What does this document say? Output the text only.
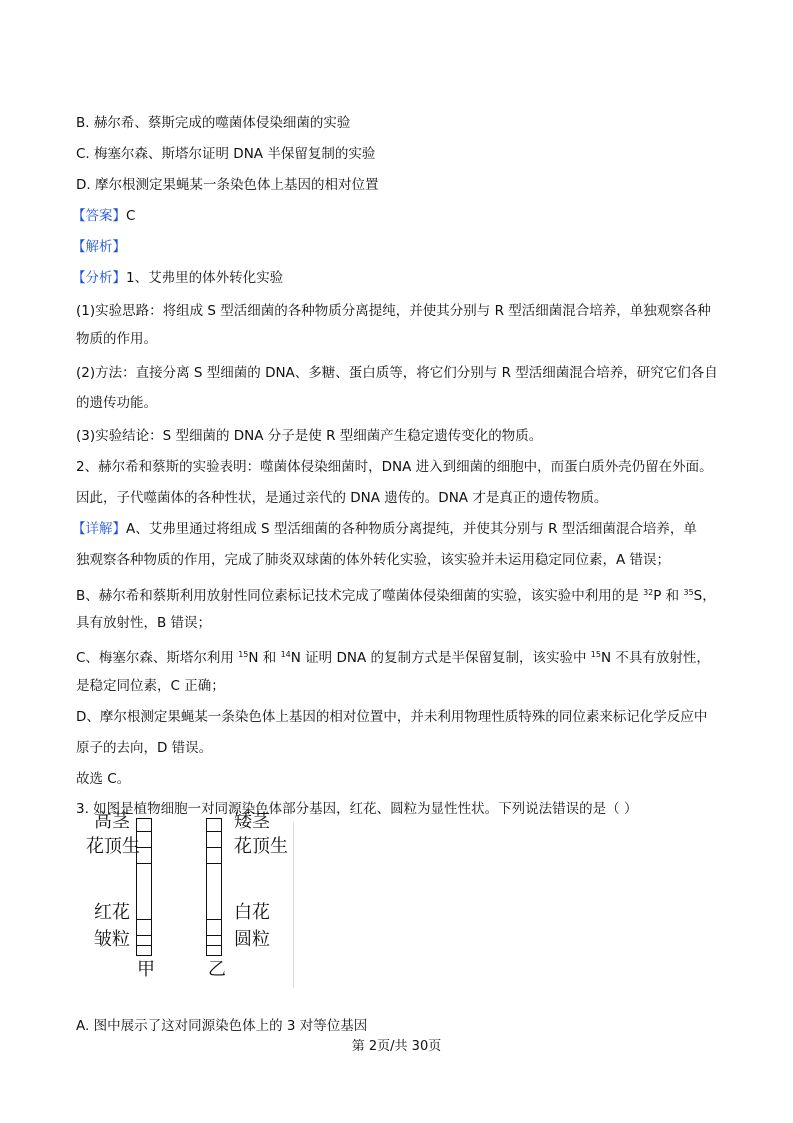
B. 赫尔希、蔡斯完成的噬菌体侵染细菌的实验
C. 梅塞尔森、斯塔尔证明 DNA 半保留复制的实验
D. 摩尔根测定果蝇某一条染色体上基因的相对位置
【答案】C
【解析】
【分析】1、艾弗里的体外转化实验
(1)实验思路：将组成 S 型活细菌的各种物质分离提纯，并使其分别与 R 型活细菌混合培养，单独观察各种
物质的作用。
(2)方法：直接分离 S 型细菌的 DNA、多糖、蛋白质等，将它们分别与 R 型活细菌混合培养，研究它们各自
的遗传功能。
(3)实验结论：S 型细菌的 DNA 分子是使 R 型细菌产生稳定遗传变化的物质。
2、赫尔希和蔡斯的实验表明：噬菌体侵染细菌时，DNA 进入到细菌的细胞中，而蛋白质外壳仍留在外面。
因此，子代噬菌体的各种性状，是通过亲代的 DNA 遗传的。DNA 才是真正的遗传物质。
【详解】A、艾弗里通过将组成 S 型活细菌的各种物质分离提纯，并使其分别与 R 型活细菌混合培养，单
独观察各种物质的作用，完成了肺炎双球菌的体外转化实验，该实验并未运用稳定同位素，A 错误；
B、赫尔希和蔡斯利用放射性同位素标记技术完成了噬菌体侵染细菌的实验，该实验中利用的是 $^{32}$P 和 $^{35}$S，
具有放射性，B 错误；
C、梅塞尔森、斯塔尔利用 $^{15}$N 和 $^{14}$N 证明 DNA 的复制方式是半保留复制，该实验中 $^{15}$N 不具有放射性，
是稳定同位素，C 正确；
D、摩尔根测定果蝇某一条染色体上基因的相对位置中，并未利用物理性质特殊的同位素来标记化学反应中
原子的去向，D 错误。
故选 C。
3. 如图是植物细胞一对同源染色体部分基因，红花、圆粒为显性性状。下列说法错误的是（ ）
高茎
花顶生
红花
皱粒
矮茎
花顶生
白花
圆粒
甲	乙
A. 图中展示了这对同源染色体上的 3 对等位基因
第 2页/共 30页
